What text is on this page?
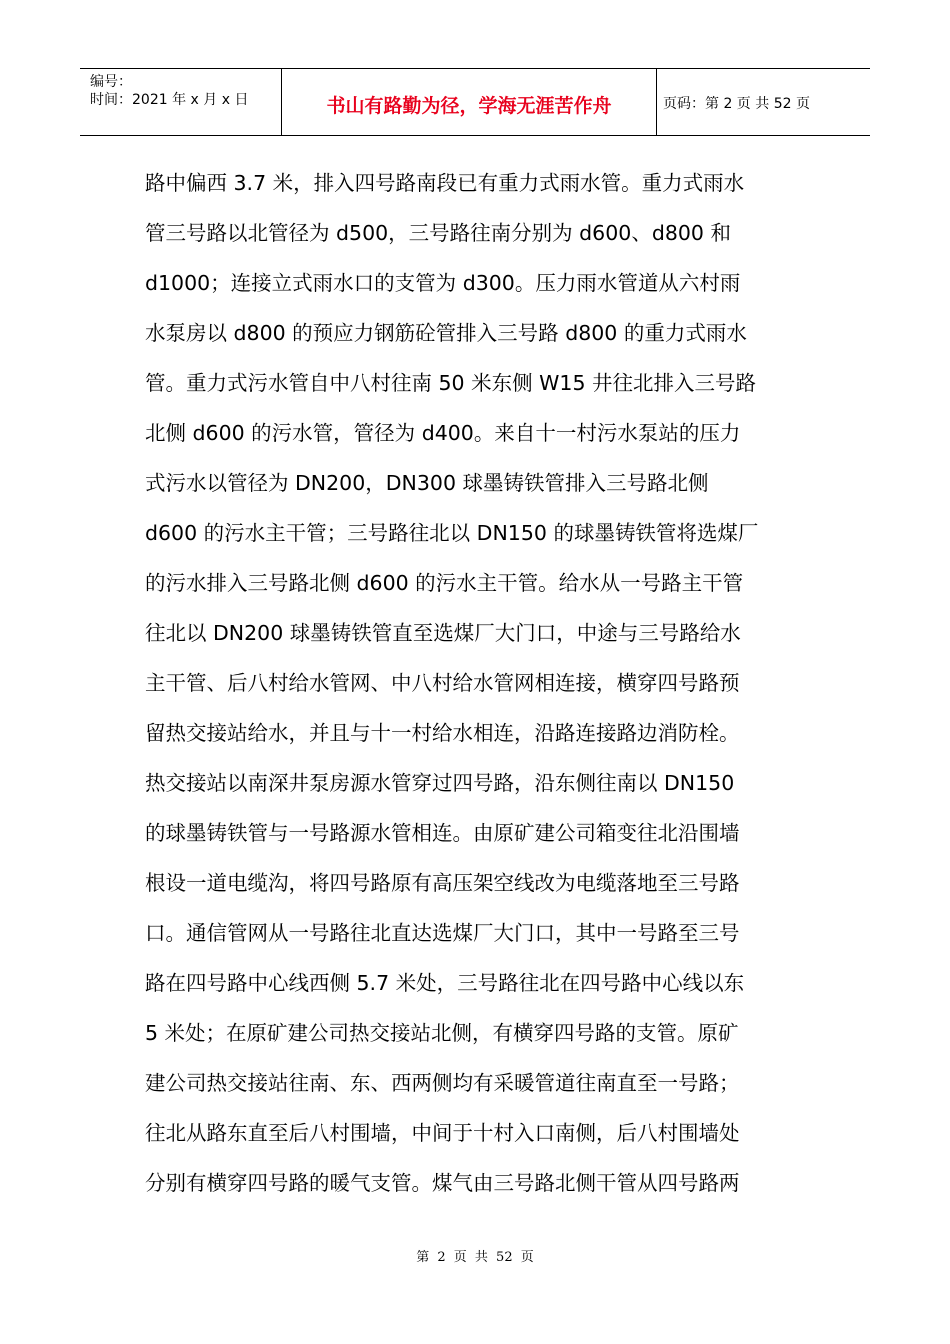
编号：
时间：2021 年 x 月 x 日	书山有路勤为径，学海无涯苦作舟	页码：第 2 页 共 52 页
路中偏西 3.7 米，排入四号路南段已有重力式雨水管。重力式雨水
管三号路以北管径为 d500，三号路往南分别为 d600、d800 和
d1000；连接立式雨水口的支管为 d300。压力雨水管道从六村雨
水泵房以 d800 的预应力钢筋砼管排入三号路 d800 的重力式雨水
管。重力式污水管自中八村往南 50 米东侧 W15 井往北排入三号路
北侧 d600 的污水管，管径为 d400。来自十一村污水泵站的压力
式污水以管径为 DN200，DN300 球墨铸铁管排入三号路北侧
d600 的污水主干管；三号路往北以 DN150 的球墨铸铁管将选煤厂
的污水排入三号路北侧 d600 的污水主干管。给水从一号路主干管
往北以 DN200 球墨铸铁管直至选煤厂大门口，中途与三号路给水
主干管、后八村给水管网、中八村给水管网相连接，横穿四号路预
留热交接站给水，并且与十一村给水相连，沿路连接路边消防栓。
热交接站以南深井泵房源水管穿过四号路，沿东侧往南以 DN150
的球墨铸铁管与一号路源水管相连。由原矿建公司箱变往北沿围墙
根设一道电缆沟，将四号路原有高压架空线改为电缆落地至三号路
口。通信管网从一号路往北直达选煤厂大门口，其中一号路至三号
路在四号路中心线西侧 5.7 米处，三号路往北在四号路中心线以东
5 米处；在原矿建公司热交接站北侧，有横穿四号路的支管。原矿
建公司热交接站往南、东、西两侧均有采暖管道往南直至一号路；
往北从路东直至后八村围墙，中间于十村入口南侧，后八村围墙处
分别有横穿四号路的暖气支管。煤气由三号路北侧干管从四号路两
第 2 页 共 52 页
